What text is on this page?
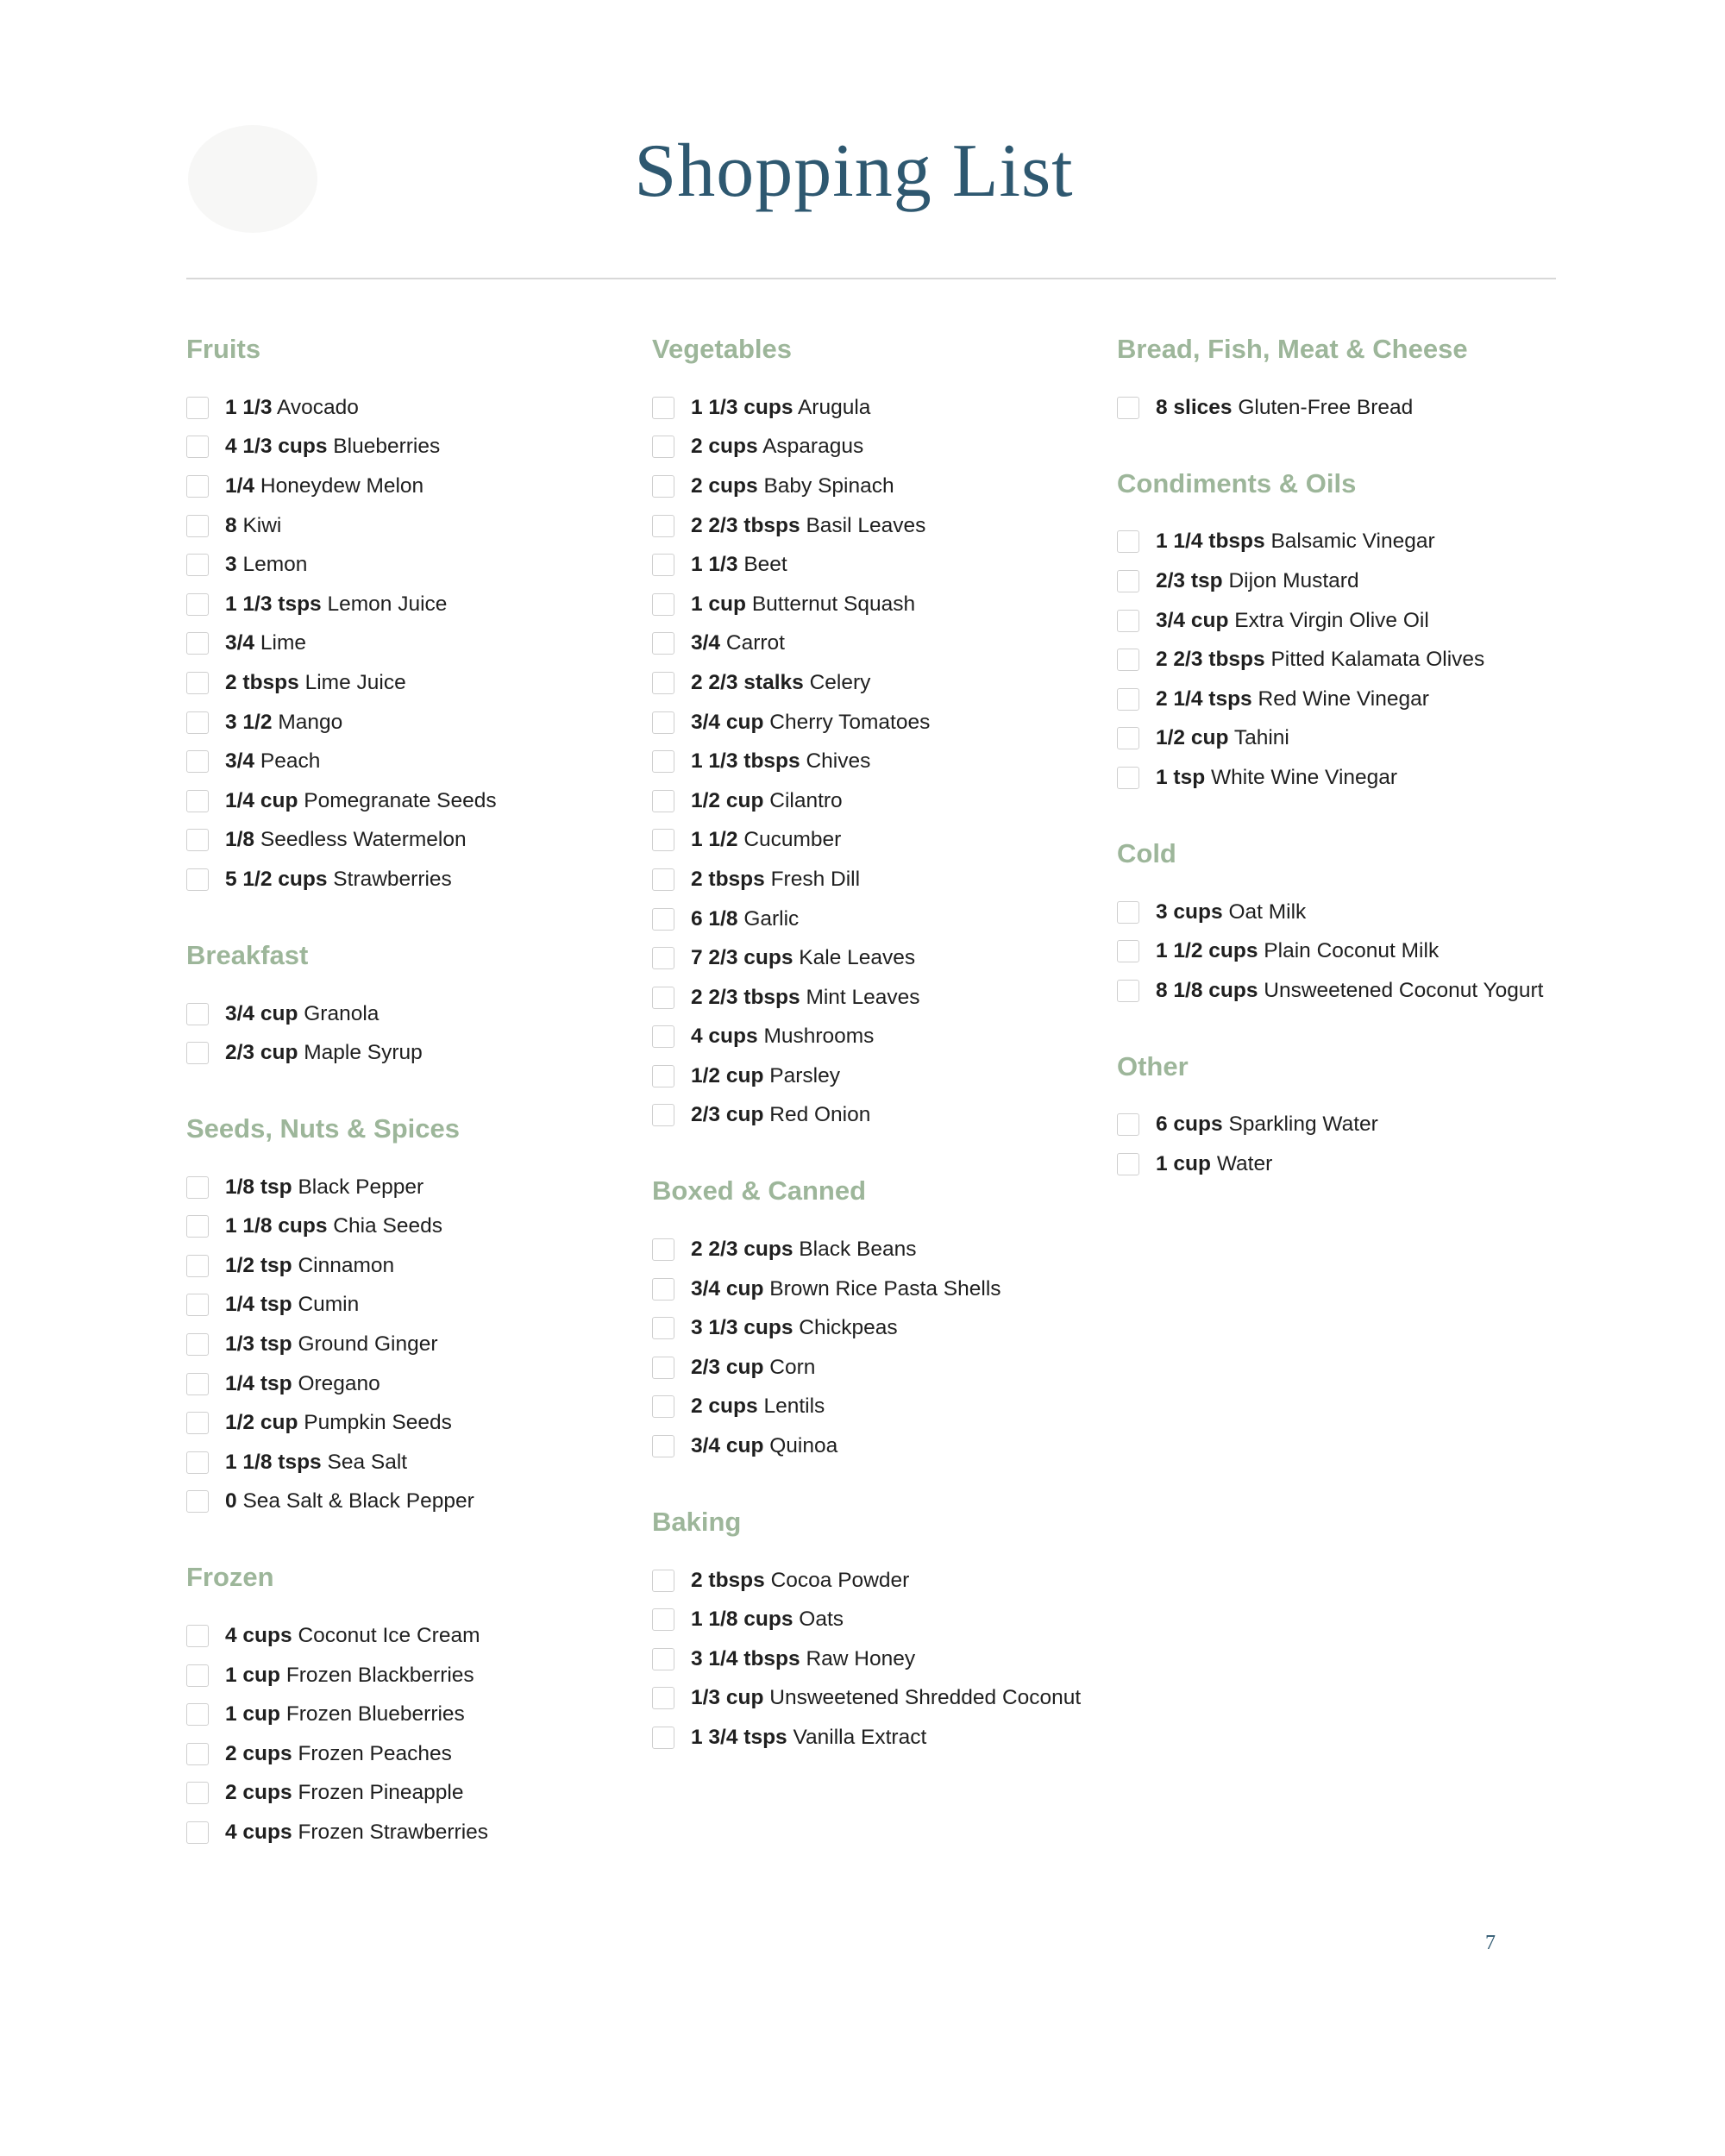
Shopping List
Fruits
1 1/3 Avocado
4 1/3 cups Blueberries
1/4 Honeydew Melon
8 Kiwi
3 Lemon
1 1/3 tsps Lemon Juice
3/4 Lime
2 tbsps Lime Juice
3 1/2 Mango
3/4 Peach
1/4 cup Pomegranate Seeds
1/8 Seedless Watermelon
5 1/2 cups Strawberries
Breakfast
3/4 cup Granola
2/3 cup Maple Syrup
Seeds, Nuts & Spices
1/8 tsp Black Pepper
1 1/8 cups Chia Seeds
1/2 tsp Cinnamon
1/4 tsp Cumin
1/3 tsp Ground Ginger
1/4 tsp Oregano
1/2 cup Pumpkin Seeds
1 1/8 tsps Sea Salt
0 Sea Salt & Black Pepper
Frozen
4 cups Coconut Ice Cream
1 cup Frozen Blackberries
1 cup Frozen Blueberries
2 cups Frozen Peaches
2 cups Frozen Pineapple
4 cups Frozen Strawberries
Vegetables
1 1/3 cups Arugula
2 cups Asparagus
2 cups Baby Spinach
2 2/3 tbsps Basil Leaves
1 1/3 Beet
1 cup Butternut Squash
3/4 Carrot
2 2/3 stalks Celery
3/4 cup Cherry Tomatoes
1 1/3 tbsps Chives
1/2 cup Cilantro
1 1/2 Cucumber
2 tbsps Fresh Dill
6 1/8 Garlic
7 2/3 cups Kale Leaves
2 2/3 tbsps Mint Leaves
4 cups Mushrooms
1/2 cup Parsley
2/3 cup Red Onion
Boxed & Canned
2 2/3 cups Black Beans
3/4 cup Brown Rice Pasta Shells
3 1/3 cups Chickpeas
2/3 cup Corn
2 cups Lentils
3/4 cup Quinoa
Baking
2 tbsps Cocoa Powder
1 1/8 cups Oats
3 1/4 tbsps Raw Honey
1/3 cup Unsweetened Shredded Coconut
1 3/4 tsps Vanilla Extract
Bread, Fish, Meat & Cheese
8 slices Gluten-Free Bread
Condiments & Oils
1 1/4 tbsps Balsamic Vinegar
2/3 tsp Dijon Mustard
3/4 cup Extra Virgin Olive Oil
2 2/3 tbsps Pitted Kalamata Olives
2 1/4 tsps Red Wine Vinegar
1/2 cup Tahini
1 tsp White Wine Vinegar
Cold
3 cups Oat Milk
1 1/2 cups Plain Coconut Milk
8 1/8 cups Unsweetened Coconut Yogurt
Other
6 cups Sparkling Water
1 cup Water
7
